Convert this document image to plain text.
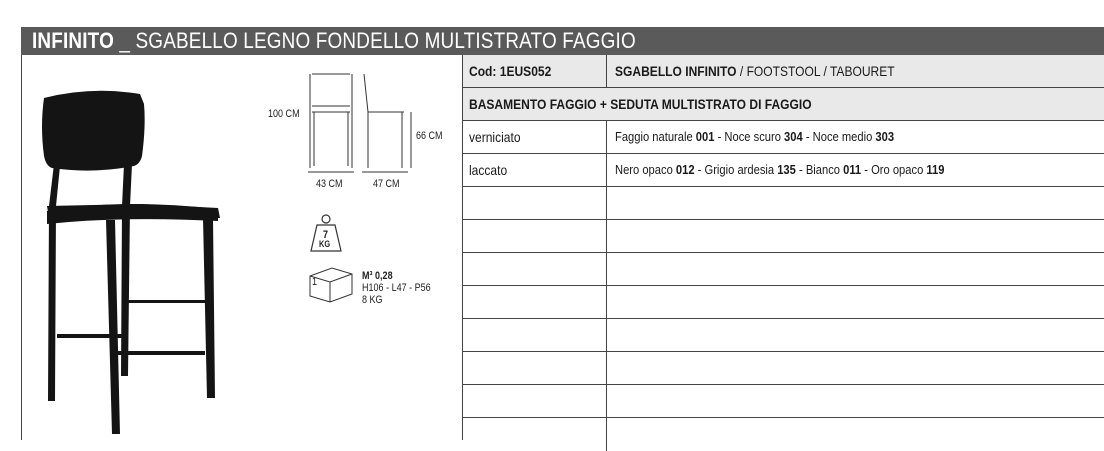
INFINITO _ SGABELLO LEGNO FONDELLO MULTISTRATO FAGGIO
100 CM
66 CM
43 CM	47 CM
7
KG
1	M³ 0,28
H106 - L47 - P56
8 KG
Cod: 1EUS052	SGABELLO INFINITO / FOOTSTOOL / TABOURET
BASAMENTO FAGGIO + SEDUTA MULTISTRATO DI FAGGIO
verniciato	Faggio naturale 001 - Noce scuro 304 - Noce medio 303
laccato	Nero opaco 012 - Grigio ardesia 135 - Bianco 011 - Oro opaco 119
